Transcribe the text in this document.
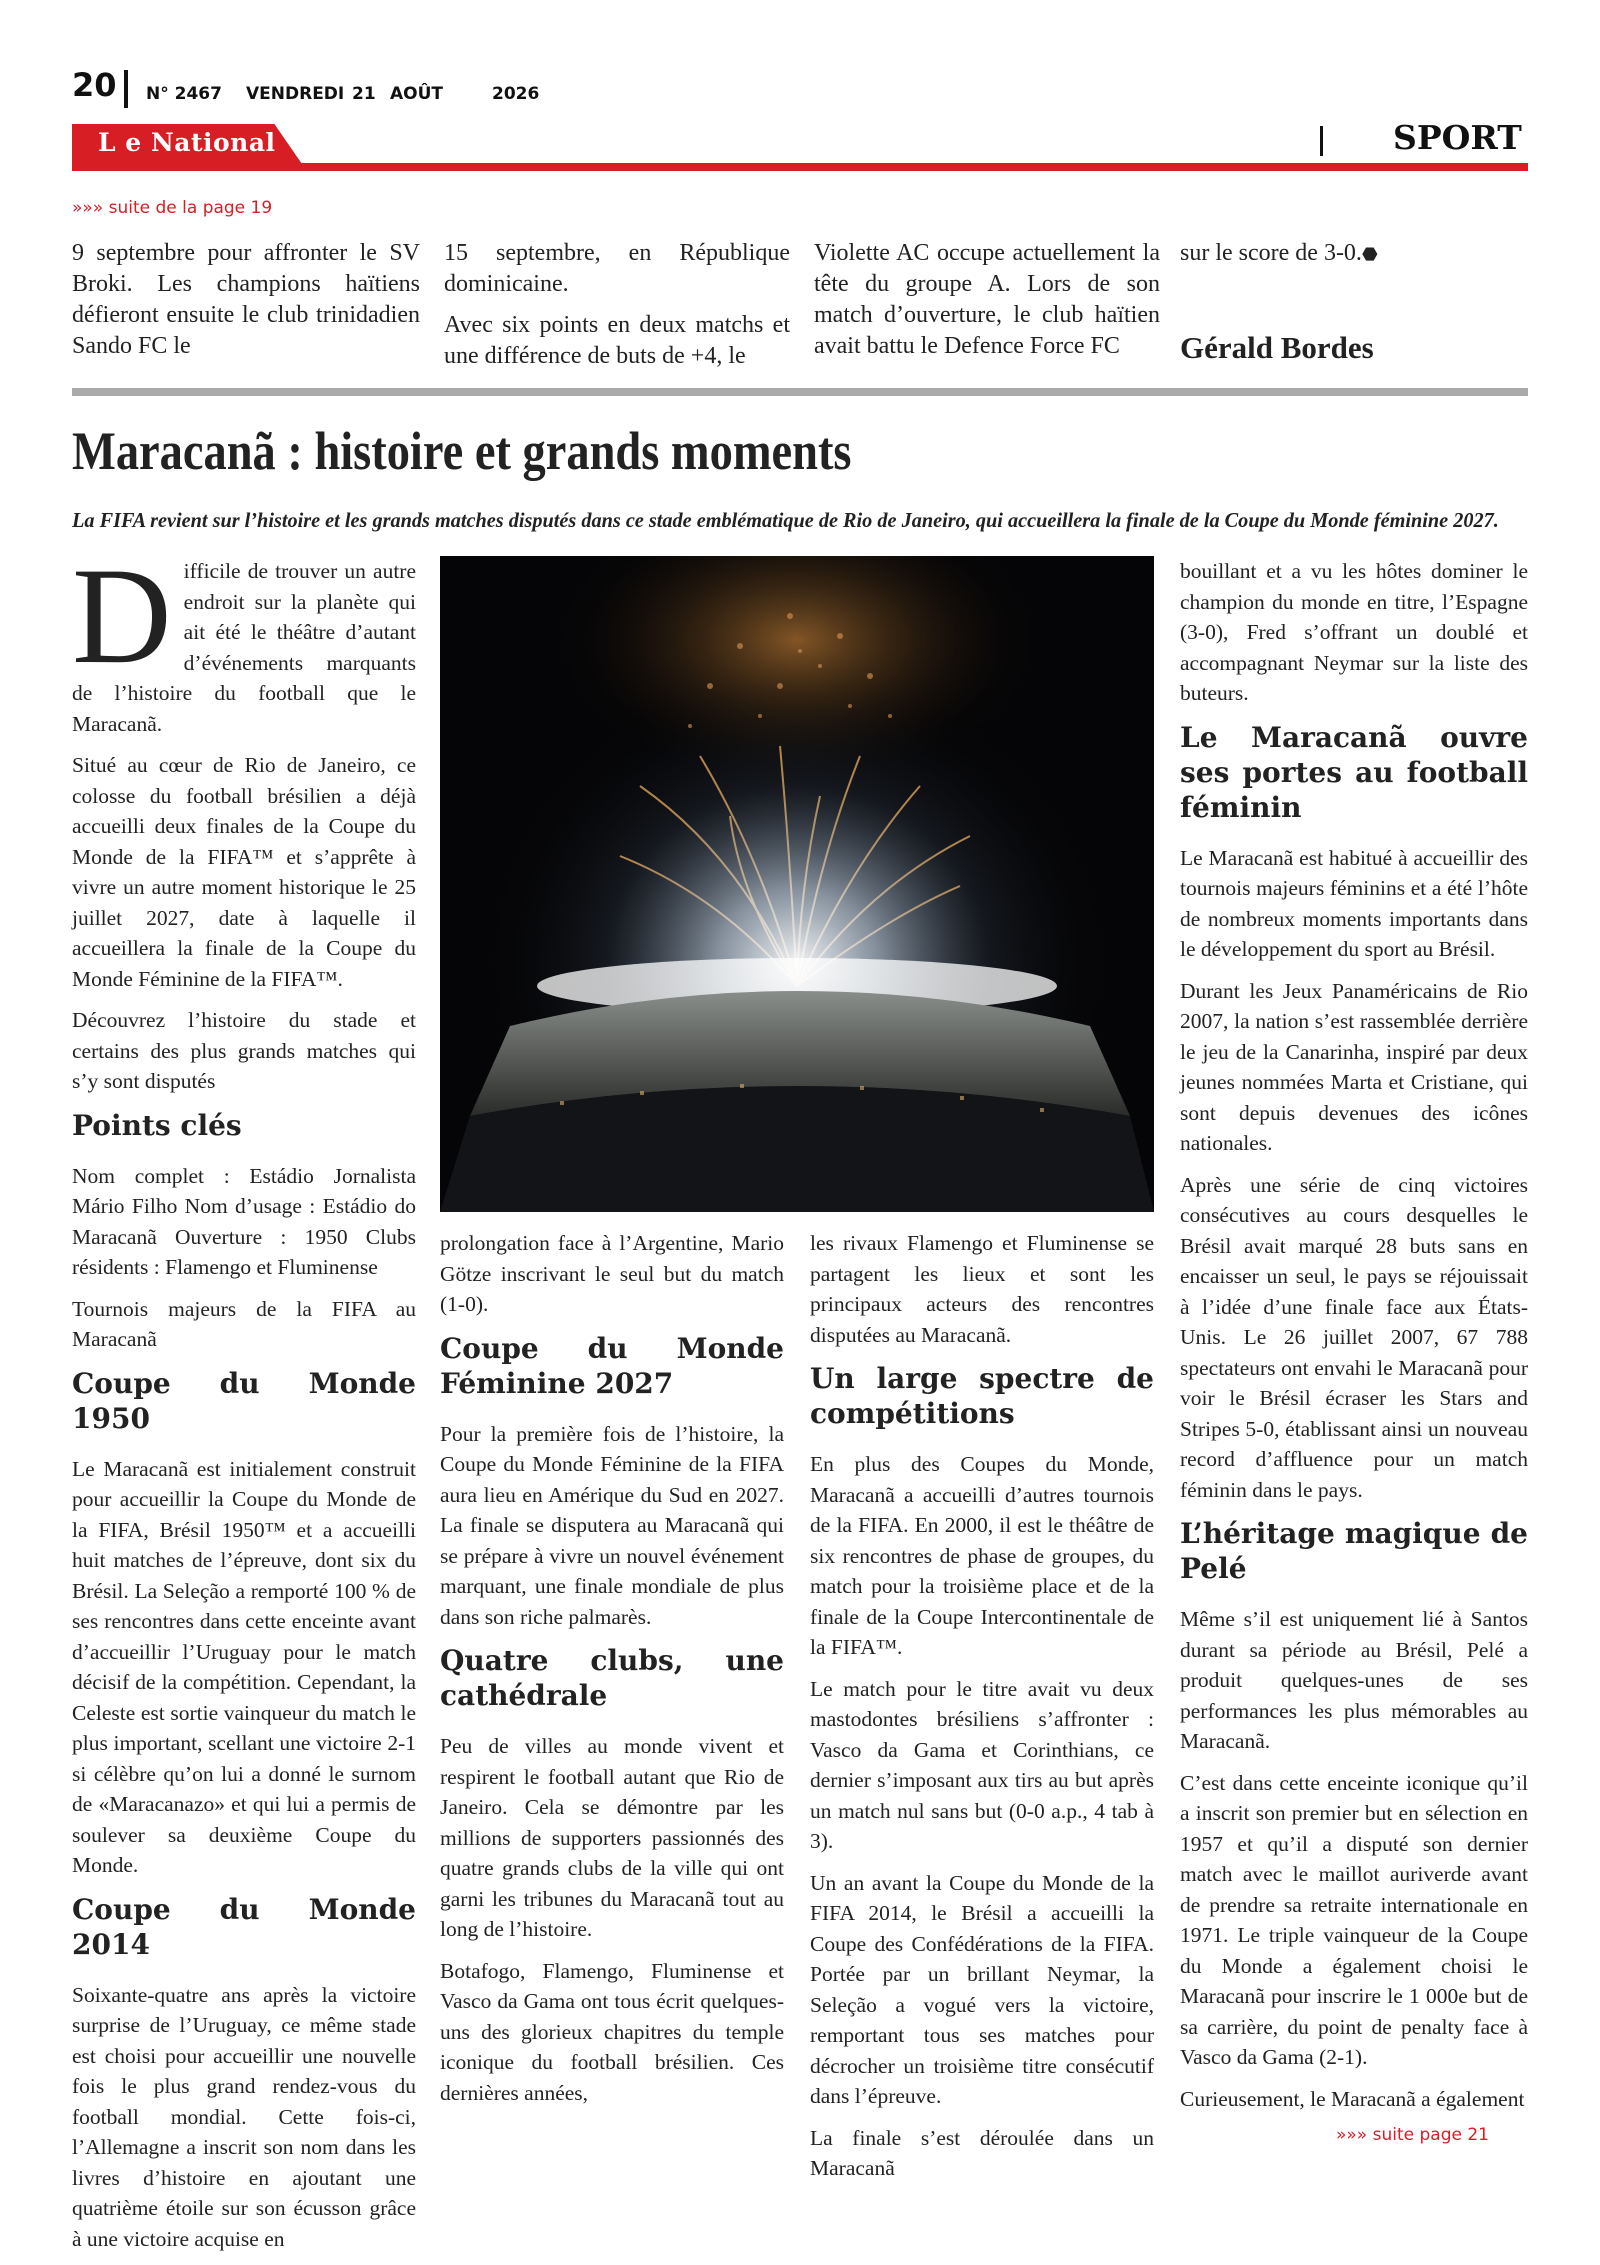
20 N° 2467 VENDREDI 21 AOÛT	2026
L e National	SPORT
»»» suite de la page 19

9 septembre pour affronter le SV Broki. Les champions haïtiens défieront ensuite le club trinidadien Sando FC le

15 septembre, en République dominicaine.

Avec six points en deux matchs et une différence de buts de +4, le

Violette AC occupe actuellement la tête du groupe A. Lors de son match d’ouverture, le club haïtien avait battu le Defence Force FC

sur le score de 3-0.⬣
Gérald Bordes
Maracanã : histoire et grands moments
La FIFA revient sur l’histoire et les grands matches disputés dans ce stade emblématique de Rio de Janeiro, qui accueillera la finale de la Coupe du Monde féminine 2027.

Difficile de trouver un autre endroit sur la planète qui ait été le théâtre d’autant d’événements marquants de l’histoire du football que le Maracanã.

Situé au cœur de Rio de Janeiro, ce colosse du football brésilien a déjà accueilli deux finales de la Coupe du Monde de la FIFA™ et s’apprête à vivre un autre moment historique le 25 juillet 2027, date à laquelle il accueillera la finale de la Coupe du Monde Féminine de la FIFA™.

Découvrez l’histoire du stade et certains des plus grands matches qui s’y sont disputés

Points clés

Nom complet : Estádio Jornalista Mário Filho Nom d’usage : Estádio do Maracanã Ouverture : 1950 Clubs résidents : Flamengo et Fluminense

Tournois majeurs de la FIFA au Maracanã

Coupe du Monde 1950

Le Maracanã est initialement construit pour accueillir la Coupe du Monde de la FIFA, Brésil 1950™ et a accueilli huit matches de l’épreuve, dont six du Brésil. La Seleção a remporté 100 % de ses rencontres dans cette enceinte avant d’accueillir l’Uruguay pour le match décisif de la compétition. Cependant, la Celeste est sortie vainqueur du match le plus important, scellant une victoire 2-1 si célèbre qu’on lui a donné le surnom de «Maracanazo» et qui lui a permis de soulever sa deuxième Coupe du Monde.

Coupe du Monde 2014

Soixante-quatre ans après la victoire surprise de l’Uruguay, ce même stade est choisi pour accueillir une nouvelle fois le plus grand rendez-vous du football mondial. Cette fois-ci, l’Allemagne a inscrit son nom dans les livres d’histoire en ajoutant une quatrième étoile sur son écusson grâce à une victoire acquise en

prolongation face à l’Argentine, Mario Götze inscrivant le seul but du match (1-0).

Coupe du Monde Féminine 2027

Pour la première fois de l’histoire, la Coupe du Monde Féminine de la FIFA aura lieu en Amérique du Sud en 2027. La finale se disputera au Maracanã qui se prépare à vivre un nouvel événement marquant, une finale mondiale de plus dans son riche palmarès.

Quatre clubs, une cathédrale

Peu de villes au monde vivent et respirent le football autant que Rio de Janeiro. Cela se démontre par les millions de supporters passionnés des quatre grands clubs de la ville qui ont garni les tribunes du Maracanã tout au long de l’histoire.

Botafogo, Flamengo, Fluminense et Vasco da Gama ont tous écrit quelques-uns des glorieux chapitres du temple iconique du football brésilien. Ces dernières années,

les rivaux Flamengo et Fluminense se partagent les lieux et sont les principaux acteurs des rencontres disputées au Maracanã.

Un large spectre de compétitions

En plus des Coupes du Monde, Maracanã a accueilli d’autres tournois de la FIFA. En 2000, il est le théâtre de six rencontres de phase de groupes, du match pour la troisième place et de la finale de la Coupe Intercontinentale de la FIFA™.

Le match pour le titre avait vu deux mastodontes brésiliens s’affronter : Vasco da Gama et Corinthians, ce dernier s’imposant aux tirs au but après un match nul sans but (0-0 a.p., 4 tab à 3).

Un an avant la Coupe du Monde de la FIFA 2014, le Brésil a accueilli la Coupe des Confédérations de la FIFA. Portée par un brillant Neymar, la Seleção a vogué vers la victoire, remportant tous ses matches pour décrocher un troisième titre consécutif dans l’épreuve.

La finale s’est déroulée dans un Maracanã

bouillant et a vu les hôtes dominer le champion du monde en titre, l’Espagne (3-0), Fred s’offrant un doublé et accompagnant Neymar sur la liste des buteurs.

Le Maracanã ouvre ses portes au football féminin

Le Maracanã est habitué à accueillir des tournois majeurs féminins et a été l’hôte de nombreux moments importants dans le développement du sport au Brésil.

Durant les Jeux Panaméricains de Rio 2007, la nation s’est rassemblée derrière le jeu de la Canarinha, inspiré par deux jeunes nommées Marta et Cristiane, qui sont depuis devenues des icônes nationales.

Après une série de cinq victoires consécutives au cours desquelles le Brésil avait marqué 28 buts sans en encaisser un seul, le pays se réjouissait à l’idée d’une finale face aux États-Unis. Le 26 juillet 2007, 67 788 spectateurs ont envahi le Maracanã pour voir le Brésil écraser les Stars and Stripes 5-0, établissant ainsi un nouveau record d’affluence pour un match féminin dans le pays.

L’héritage magique de Pelé

Même s’il est uniquement lié à Santos durant sa période au Brésil, Pelé a produit quelques-unes de ses performances les plus mémorables au Maracanã.

C’est dans cette enceinte iconique qu’il a inscrit son premier but en sélection en 1957 et qu’il a disputé son dernier match avec le maillot auriverde avant de prendre sa retraite internationale en 1971. Le triple vainqueur de la Coupe du Monde a également choisi le Maracanã pour inscrire le 1 000e but de sa carrière, du point de penalty face à Vasco da Gama (2-1).

Curieusement, le Maracanã a également

»»» suite page 21
